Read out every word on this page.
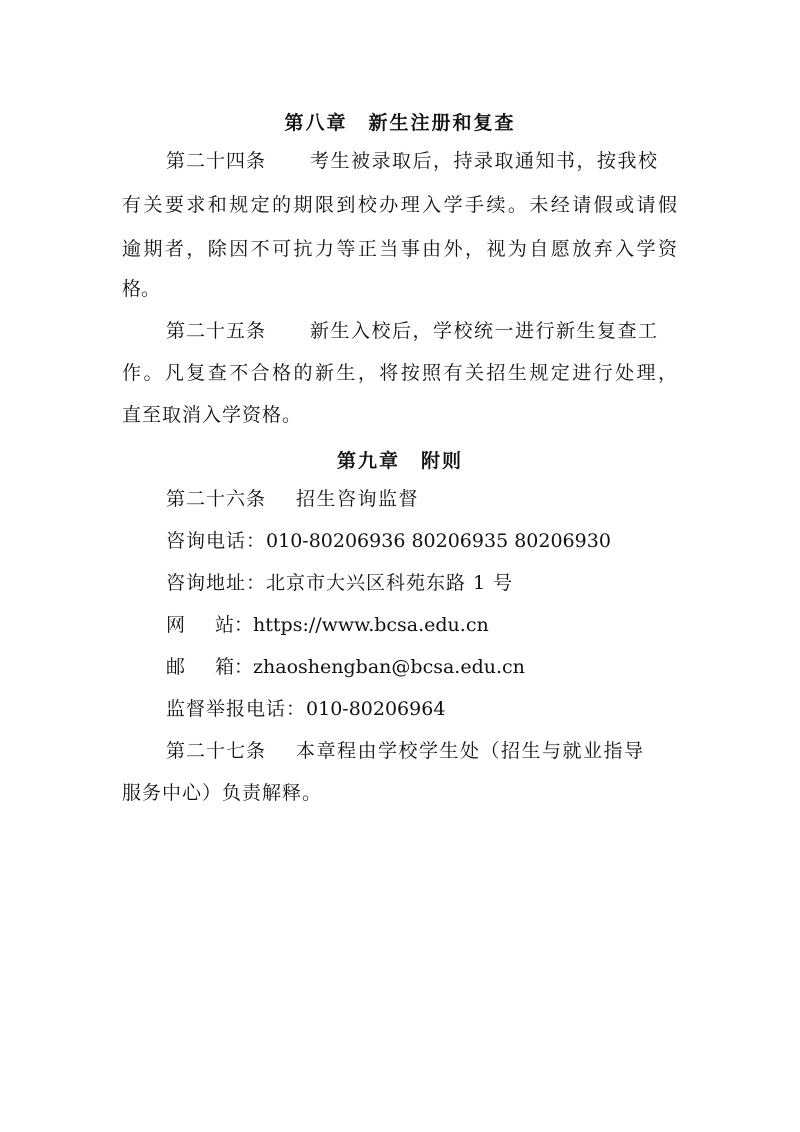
第八章　新生注册和复查
第二十四条 考生被录取后，持录取通知书，按我校
有关要求和规定的期限到校办理入学手续。未经请假或请假
逾期者，除因不可抗力等正当事由外，视为自愿放弃入学资
格。
第二十五条 新生入校后，学校统一进行新生复查工
作。凡复查不合格的新生，将按照有关招生规定进行处理，
直至取消入学资格。
第九章　附则
第二十六条 招生咨询监督
咨询电话：010-80206936 80206935 80206930
咨询地址：北京市大兴区科苑东路 1 号
网 站：https://www.bcsa.edu.cn
邮 箱：zhaoshengban@bcsa.edu.cn
监督举报电话：010-80206964
第二十七条 本章程由学校学生处（招生与就业指导
服务中心）负责解释。
